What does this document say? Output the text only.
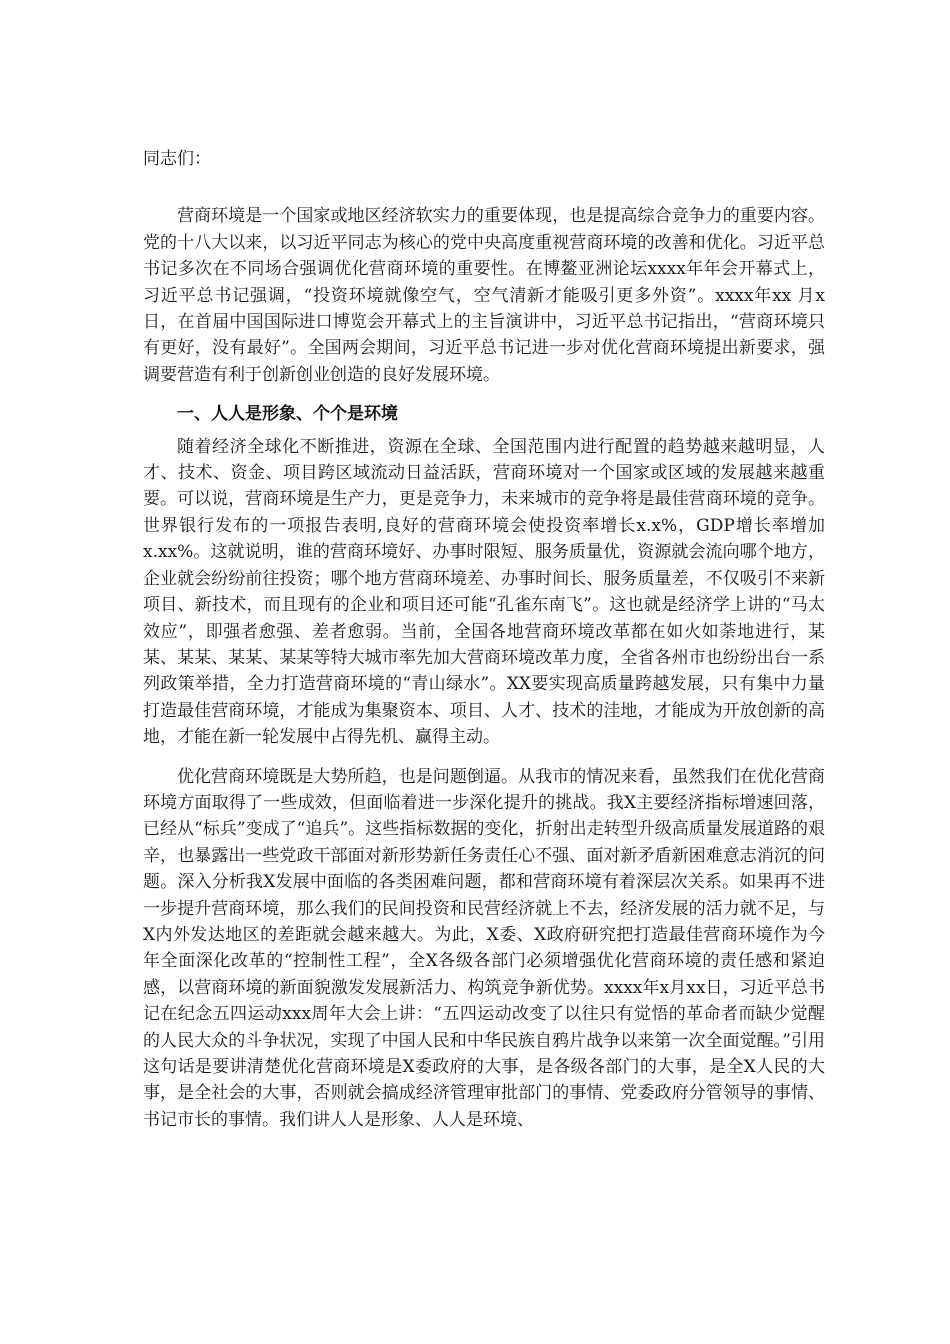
同志们：

营商环境是一个国家或地区经济软实力的重要体现，也是提高综合竞争力的重要内容。党的十八大以来，以习近平同志为核心的党中央高度重视营商环境的改善和优化。习近平总书记多次在不同场合强调优化营商环境的重要性。在博鳌亚洲论坛xxxx年年会开幕式上，习近平总书记强调，“投资环境就像空气，空气清新才能吸引更多外资”。xxxx年xx 月x日，在首届中国国际进口博览会开幕式上的主旨演讲中，习近平总书记指出，“营商环境只有更好，没有最好”。全国两会期间，习近平总书记进一步对优化营商环境提出新要求，强调要营造有利于创新创业创造的良好发展环境。

一、人人是形象、个个是环境

随着经济全球化不断推进，资源在全球、全国范围内进行配置的趋势越来越明显，人才、技术、资金、项目跨区域流动日益活跃，营商环境对一个国家或区域的发展越来越重要。可以说，营商环境是生产力，更是竞争力，未来城市的竞争将是最佳营商环境的竞争。世界银行发布的一项报告表明,良好的营商环境会使投资率增长x.x%，GDP增长率增加x.xx%。这就说明，谁的营商环境好、办事时限短、服务质量优，资源就会流向哪个地方，企业就会纷纷前往投资；哪个地方营商环境差、办事时间长、服务质量差，不仅吸引不来新项目、新技术，而且现有的企业和项目还可能“孔雀东南飞”。这也就是经济学上讲的“马太效应”，即强者愈强、差者愈弱。当前，全国各地营商环境改革都在如火如荼地进行，某某、某某、某某、某某等特大城市率先加大营商环境改革力度，全省各州市也纷纷出台一系列政策举措，全力打造营商环境的“青山绿水”。XX要实现高质量跨越发展，只有集中力量打造最佳营商环境，才能成为集聚资本、项目、人才、技术的洼地，才能成为开放创新的高地，才能在新一轮发展中占得先机、赢得主动。

优化营商环境既是大势所趋，也是问题倒逼。从我市的情况来看，虽然我们在优化营商环境方面取得了一些成效，但面临着进一步深化提升的挑战。我X主要经济指标增速回落，已经从“标兵”变成了“追兵”。这些指标数据的变化，折射出走转型升级高质量发展道路的艰辛，也暴露出一些党政干部面对新形势新任务责任心不强、面对新矛盾新困难意志消沉的问题。深入分析我X发展中面临的各类困难问题，都和营商环境有着深层次关系。如果再不进一步提升营商环境，那么我们的民间投资和民营经济就上不去，经济发展的活力就不足，与X内外发达地区的差距就会越来越大。为此，X委、X政府研究把打造最佳营商环境作为今年全面深化改革的“控制性工程”，全X各级各部门必须增强优化营商环境的责任感和紧迫感，以营商环境的新面貌激发发展新活力、构筑竞争新优势。xxxx年x月xx日，习近平总书记在纪念五四运动xxx周年大会上讲：“五四运动改变了以往只有觉悟的革命者而缺少觉醒的人民大众的斗争状况，实现了中国人民和中华民族自鸦片战争以来第一次全面觉醒。”引用这句话是要讲清楚优化营商环境是X委政府的大事，是各级各部门的大事，是全X人民的大事，是全社会的大事，否则就会搞成经济管理审批部门的事情、党委政府分管领导的事情、书记市长的事情。我们讲人人是形象、人人是环境、
